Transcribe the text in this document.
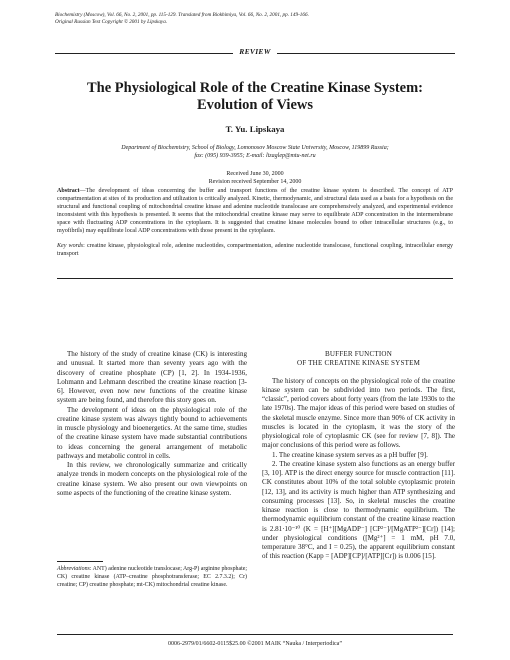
Biochemistry (Moscow), Vol. 66, No. 2, 2001, pp. 115-129. Translated from Biokhimiya, Vol. 66, No. 2, 2001, pp. 149-166.
Original Russian Text Copyright © 2001 by Lipskaya.
REVIEW
The Physiological Role of the Creatine Kinase System:
Evolution of Views
T. Yu. Lipskaya
Department of Biochemistry, School of Biology, Lomonosov Moscow State University, Moscow, 119899 Russia;
fax: (095) 939-3955; E-mail: lizaglep@mtu-net.ru
Received June 30, 2000
Revision received September 14, 2000
Abstract—The development of ideas concerning the buffer and transport functions of the creatine kinase system is described. The concept of ATP compartmentation at sites of its production and utilization is critically analyzed. Kinetic, thermodynamic, and structural data used as a basis for a hypothesis on the structural and functional coupling of mitochondrial creatine kinase and adenine nucleotide translocase are comprehensively analyzed, and experimental evidence inconsistent with this hypothesis is presented. It seems that the mitochondrial creatine kinase may serve to equilibrate ADP concentration in the intermembrane space with fluctuating ADP concentrations in the cytoplasm. It is suggested that creatine kinase molecules bound to other intracellular structures (e.g., to myofibrils) may equilibrate local ADP concentrations with those present in the cytoplasm.
Key words: creatine kinase, physiological role, adenine nucleotides, compartmentation, adenine nucleotide translocase, functional coupling, intracellular energy transport

The history of the study of creatine kinase (CK) is interesting and unusual. It started more than seventy years ago with the discovery of creatine phosphate (CP) [1, 2]. In 1934-1936, Lohmann and Lehmann described the creatine kinase reaction [3-6]. However, even now new functions of the creatine kinase system are being found, and therefore this story goes on.

The development of ideas on the physiological role of the creatine kinase system was always tightly bound to achievements in muscle physiology and bioenergetics. At the same time, studies of the creatine kinase system have made substantial contributions to ideas concerning the general arrangement of metabolic pathways and metabolic control in cells.

In this review, we chronologically summarize and critically analyze trends in modern concepts on the physiological role of the creatine kinase system. We also present our own viewpoints on some aspects of the functioning of the creatine kinase system.

Abbreviations: ANT) adenine nucleotide translocase; Arg-P) arginine phosphate; CK) creatine kinase (ATP–creatine phosphotransferase; EC 2.7.3.2); Cr) creatine; CP) creatine phosphate; mt-CK) mitochondrial creatine kinase.
BUFFER FUNCTION
OF THE CREATINE KINASE SYSTEM

The history of concepts on the physiological role of the creatine kinase system can be subdivided into two periods. The first, “classic”, period covers about forty years (from the late 1930s to the late 1970s). The major ideas of this period were based on studies of the skeletal muscle enzyme. Since more than 90% of CK activity in muscles is located in the cytoplasm, it was the story of the physiological role of cytoplasmic CK (see for review [7, 8]). The major conclusions of this period were as follows.

1. The creatine kinase system serves as a pH buffer [9].

2. The creatine kinase system also functions as an energy buffer [3, 10]. ATP is the direct energy source for muscle contraction [11]. CK constitutes about 10% of the total soluble cytoplasmic protein [12, 13], and its activity is much higher than ATP synthesizing and consuming processes [13]. So, in skeletal muscles the creatine kinase reaction is close to thermodynamic equilibrium. The thermodynamic equilibrium constant of the creatine kinase reaction is 2.81·10⁻¹⁰ (K = [H⁺][MgADP⁻] [CP²⁻]/[MgATP²⁻][Cr]) [14]; under physiological conditions ([Mg²⁺] = 1 mM, pH 7.0, temperature 38°C, and I = 0.25), the apparent equilibrium constant of this reaction (Kapp = [ADP][CP]/[ATP][Cr]) is 0.006 [15].

0006-2979/01/6602-0115$25.00 ©2001 MAIK “Nauka / Interperiodica”
